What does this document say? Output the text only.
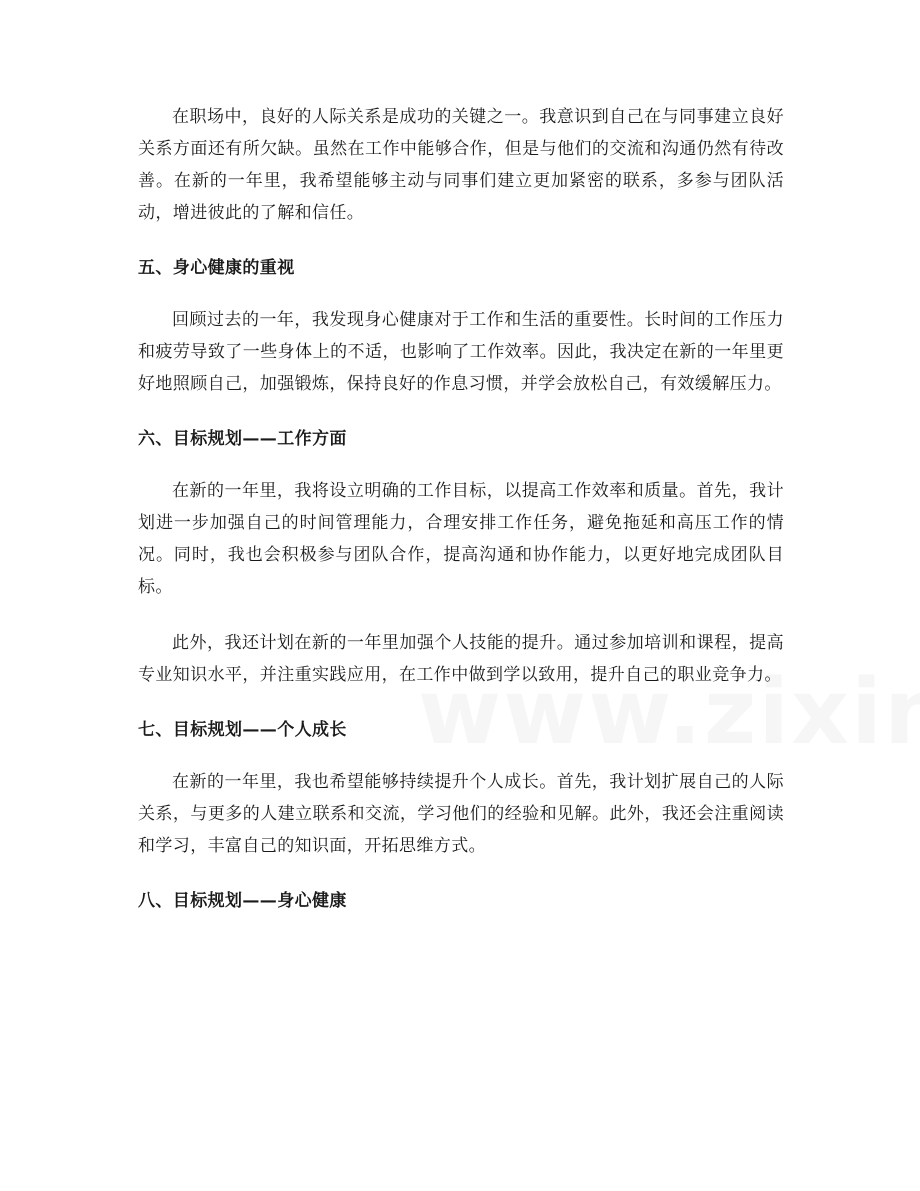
在职场中，良好的人际关系是成功的关键之一。我意识到自己在与同事建立良好关系方面还有所欠缺。虽然在工作中能够合作，但是与他们的交流和沟通仍然有待改善。在新的一年里，我希望能够主动与同事们建立更加紧密的联系，多参与团队活动，增进彼此的了解和信任。

五、身心健康的重视

回顾过去的一年，我发现身心健康对于工作和生活的重要性。长时间的工作压力和疲劳导致了一些身体上的不适，也影响了工作效率。因此，我决定在新的一年里更好地照顾自己，加强锻炼，保持良好的作息习惯，并学会放松自己，有效缓解压力。

六、目标规划——工作方面

在新的一年里，我将设立明确的工作目标，以提高工作效率和质量。首先，我计划进一步加强自己的时间管理能力，合理安排工作任务，避免拖延和高压工作的情况。同时，我也会积极参与团队合作，提高沟通和协作能力，以更好地完成团队目标。

此外，我还计划在新的一年里加强个人技能的提升。通过参加培训和课程，提高专业知识水平，并注重实践应用，在工作中做到学以致用，提升自己的职业竞争力。

七、目标规划——个人成长

在新的一年里，我也希望能够持续提升个人成长。首先，我计划扩展自己的人际关系，与更多的人建立联系和交流，学习他们的经验和见解。此外，我还会注重阅读和学习，丰富自己的知识面，开拓思维方式。

八、目标规划——身心健康
